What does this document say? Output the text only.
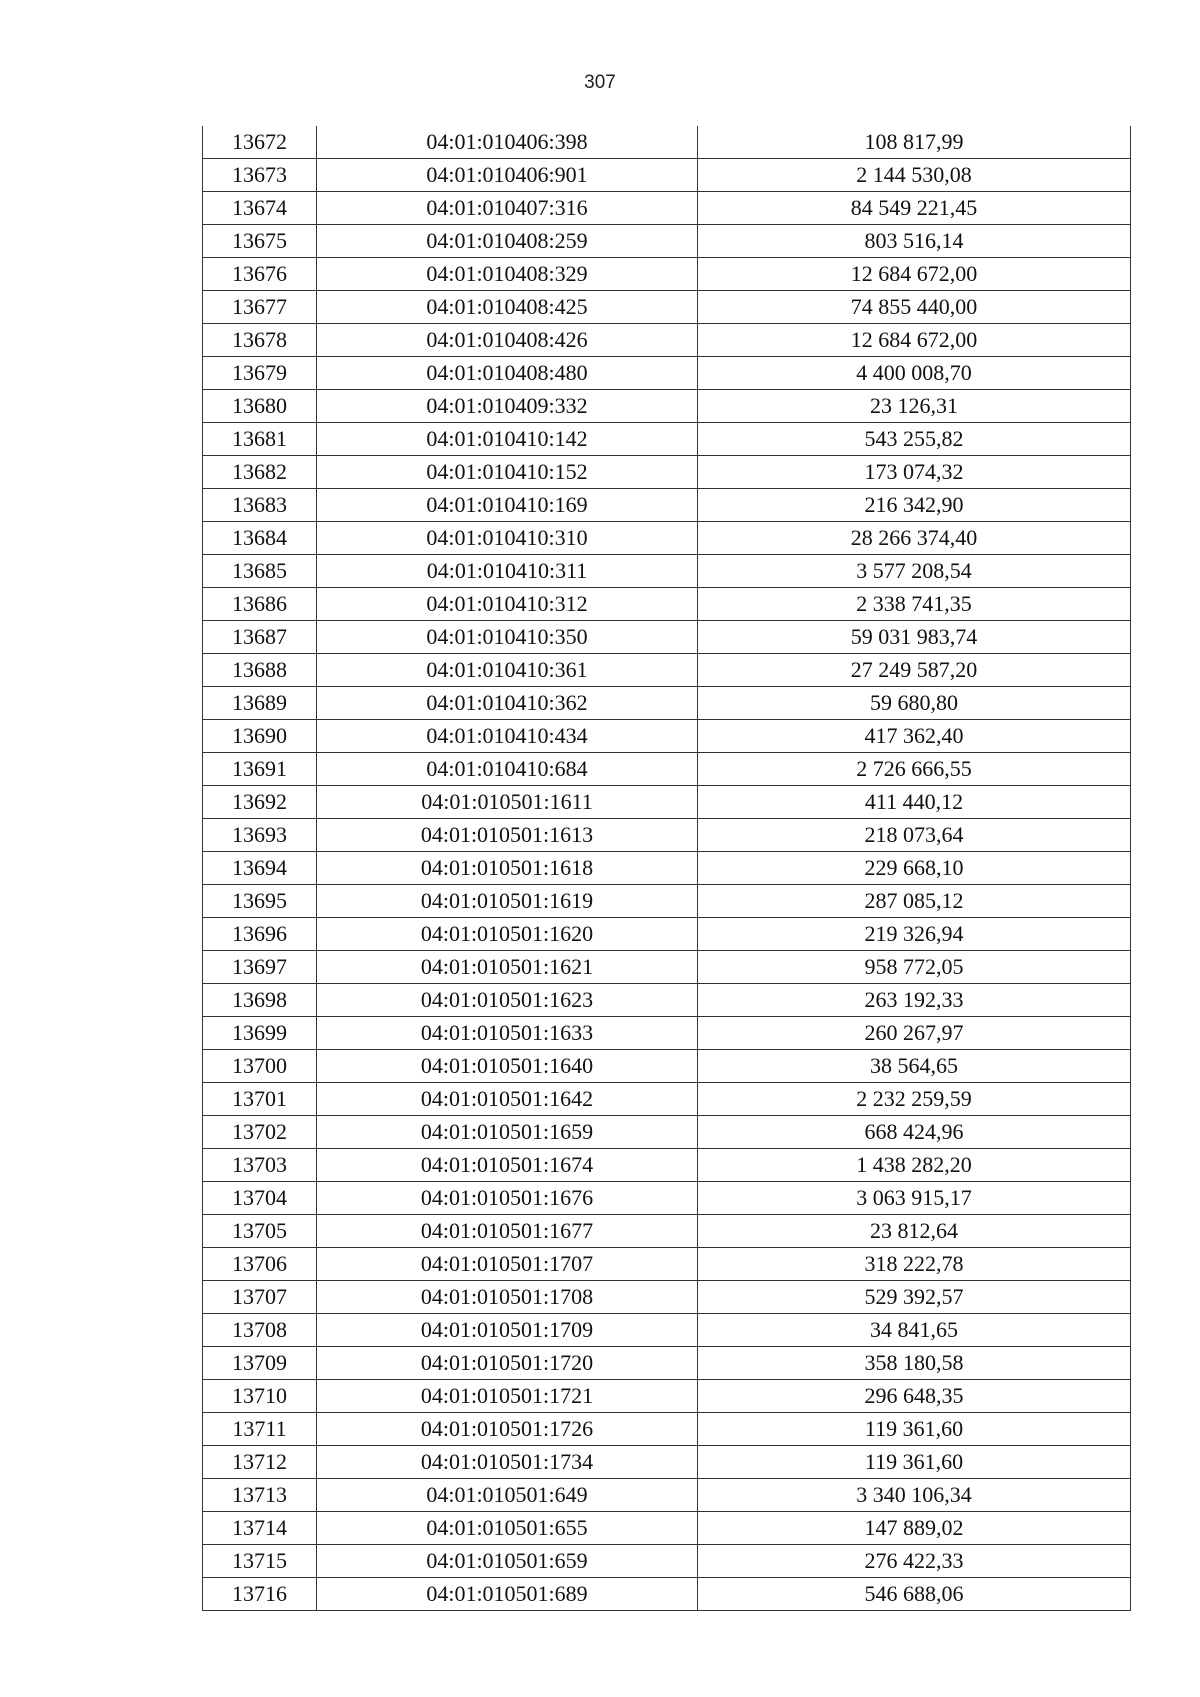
307
13672	04:01:010406:398	108 817,99
13673	04:01:010406:901	2 144 530,08
13674	04:01:010407:316	84 549 221,45
13675	04:01:010408:259	803 516,14
13676	04:01:010408:329	12 684 672,00
13677	04:01:010408:425	74 855 440,00
13678	04:01:010408:426	12 684 672,00
13679	04:01:010408:480	4 400 008,70
13680	04:01:010409:332	23 126,31
13681	04:01:010410:142	543 255,82
13682	04:01:010410:152	173 074,32
13683	04:01:010410:169	216 342,90
13684	04:01:010410:310	28 266 374,40
13685	04:01:010410:311	3 577 208,54
13686	04:01:010410:312	2 338 741,35
13687	04:01:010410:350	59 031 983,74
13688	04:01:010410:361	27 249 587,20
13689	04:01:010410:362	59 680,80
13690	04:01:010410:434	417 362,40
13691	04:01:010410:684	2 726 666,55
13692	04:01:010501:1611	411 440,12
13693	04:01:010501:1613	218 073,64
13694	04:01:010501:1618	229 668,10
13695	04:01:010501:1619	287 085,12
13696	04:01:010501:1620	219 326,94
13697	04:01:010501:1621	958 772,05
13698	04:01:010501:1623	263 192,33
13699	04:01:010501:1633	260 267,97
13700	04:01:010501:1640	38 564,65
13701	04:01:010501:1642	2 232 259,59
13702	04:01:010501:1659	668 424,96
13703	04:01:010501:1674	1 438 282,20
13704	04:01:010501:1676	3 063 915,17
13705	04:01:010501:1677	23 812,64
13706	04:01:010501:1707	318 222,78
13707	04:01:010501:1708	529 392,57
13708	04:01:010501:1709	34 841,65
13709	04:01:010501:1720	358 180,58
13710	04:01:010501:1721	296 648,35
13711	04:01:010501:1726	119 361,60
13712	04:01:010501:1734	119 361,60
13713	04:01:010501:649	3 340 106,34
13714	04:01:010501:655	147 889,02
13715	04:01:010501:659	276 422,33
13716	04:01:010501:689	546 688,06
